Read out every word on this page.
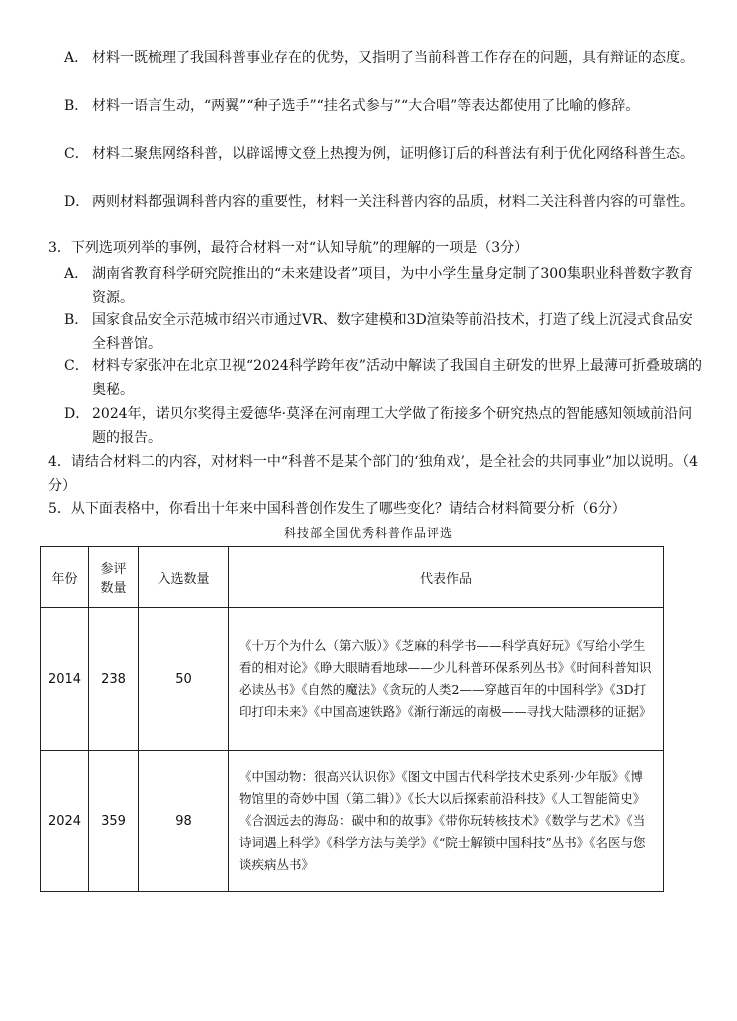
A． 材料一既梳理了我国科普事业存在的优势，又指明了当前科普工作存在的问题，具有辩证的态度。
B． 材料一语言生动，“两翼”“种子选手”“挂名式参与”“大合唱”等表达都使用了比喻的修辞。
C． 材料二聚焦网络科普，以辟谣博文登上热搜为例，证明修订后的科普法有利于优化网络科普生态。
D． 两则材料都强调科普内容的重要性，材料一关注科普内容的品质，材料二关注科普内容的可靠性。
3．下列选项列举的事例，最符合材料一对“认知导航”的理解的一项是（3分）
A． 湖南省教育科学研究院推出的“未来建设者”项目，为中小学生量身定制了300集职业科普数字教育资源。
B． 国家食品安全示范城市绍兴市通过VR、数字建模和3D渲染等前沿技术，打造了线上沉浸式食品安全科普馆。
C． 材料专家张冲在北京卫视“2024科学跨年夜”活动中解读了我国自主研发的世界上最薄可折叠玻璃的奥秘。
D． 2024年，诺贝尔奖得主爱德华·莫泽在河南理工大学做了衔接多个研究热点的智能感知领域前沿问题的报告。
4．请结合材料二的内容，对材料一中“科普不是某个部门的‘独角戏’，是全社会的共同事业”加以说明。（4分）
5．从下面表格中，你看出十年来中国科普创作发生了哪些变化？请结合材料简要分析（6分）
科技部全国优秀科普作品评选
年份	参评数量	入选数量	代表作品
2014	238	50	《十万个为什么（第六版）》《芝麻的科学书——科学真好玩》《写给小学生看的相对论》《睁大眼睛看地球——少儿科普环保系列丛书》《时间科普知识必读丛书》《自然的魔法》《贪玩的人类2——穿越百年的中国科学》《3D打印打印未来》《中国高速铁路》《渐行渐远的南极——寻找大陆漂移的证据》
2024	359	98	《中国动物：很高兴认识你》《图文中国古代科学技术史系列·少年版》《博物馆里的奇妙中国（第二辑）》《长大以后探索前沿科技》《人工智能简史》《合洇远去的海岛：碳中和的故事》《带你玩转核技术》《数学与艺术》《当诗词遇上科学》《科学方法与美学》《“院士解锁中国科技”丛书》《名医与您谈疾病丛书》
